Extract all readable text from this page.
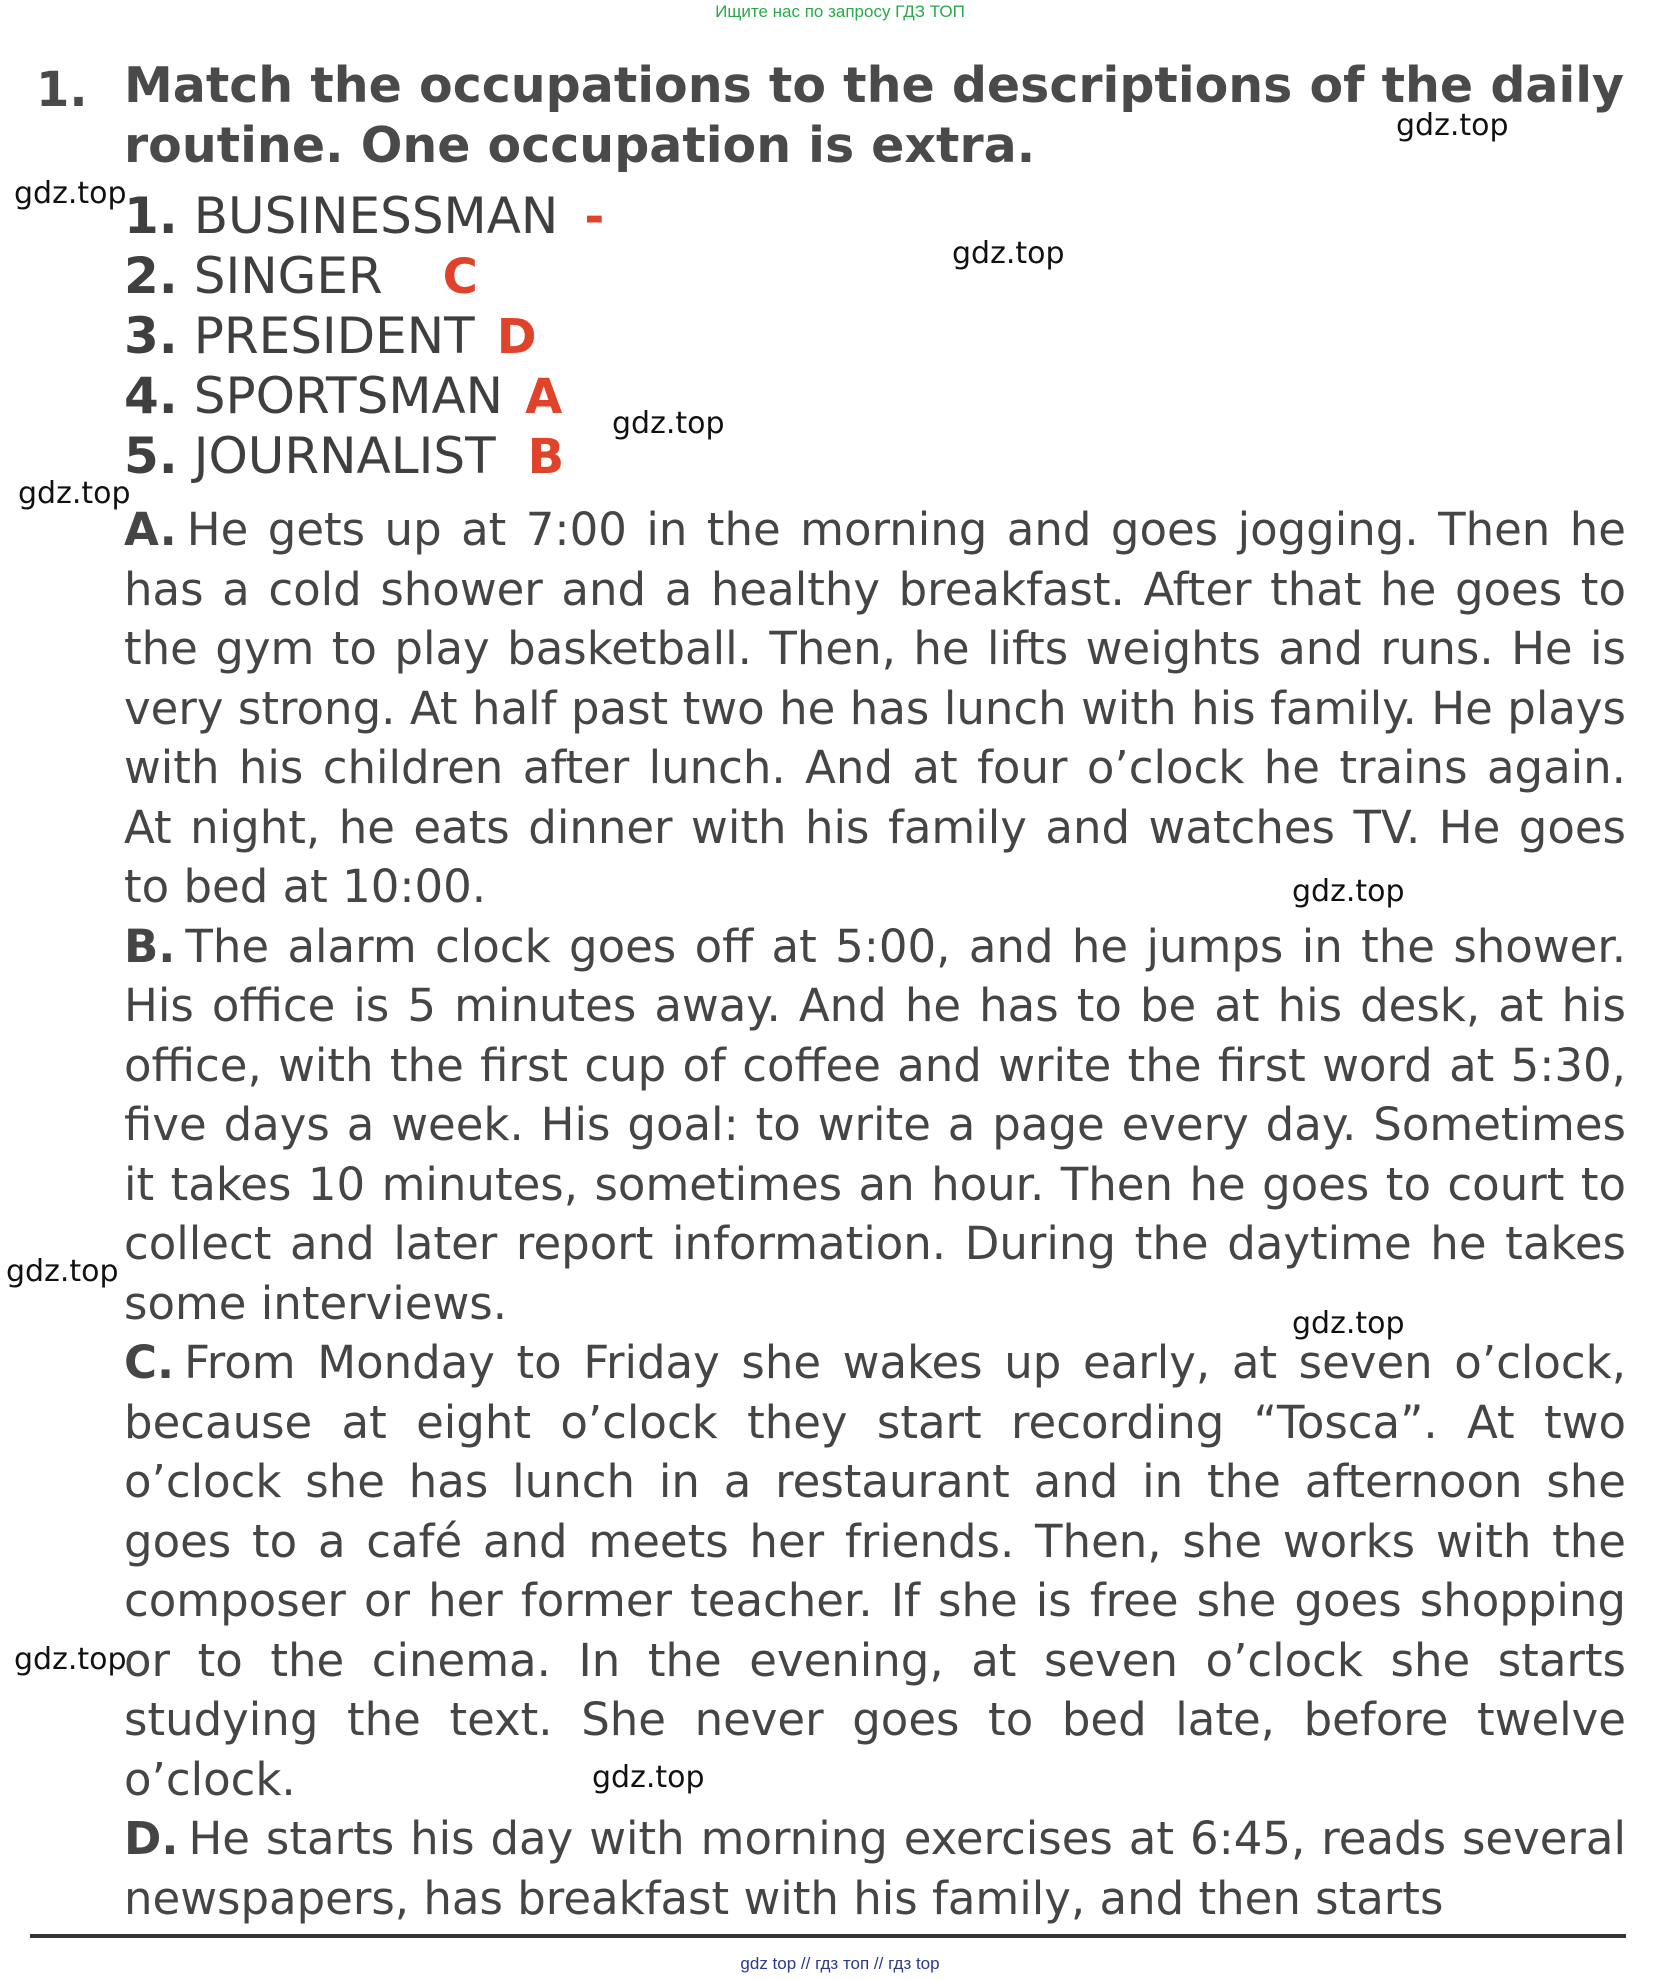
Ищите нас по запросу ГДЗ ТОП
1. Match the occupations to the descriptions of the daily routine. One occupation is extra.
1. BUSINESSMAN -
2. SINGER C
3. PRESIDENT D
4. SPORTSMAN A
5. JOURNALIST B

A. He gets up at 7:00 in the morning and goes jogging. Then he has a cold shower and a healthy breakfast. After that he goes to the gym to play basketball. Then, he lifts weights and runs. He is very strong. At half past two he has lunch with his family. He plays with his children after lunch. And at four o’clock he trains again. At night, he eats dinner with his family and watches TV. He goes to bed at 10:00.

B. The alarm clock goes off at 5:00, and he jumps in the shower. His office is 5 minutes away. And he has to be at his desk, at his office, with the first cup of coffee and write the first word at 5:30, five days a week. His goal: to write a page every day. Sometimes it takes 10 minutes, sometimes an hour. Then he goes to court to collect and later report information. During the daytime he takes some interviews.

C. From Monday to Friday she wakes up early, at seven o’clock, because at eight o’clock they start recording “Tosca”. At two o’clock she has lunch in a restaurant and in the afternoon she goes to a café and meets her friends. Then, she works with the composer or her former teacher. If she is free she goes shopping or to the cinema. In the evening, at seven o’clock she starts studying the text. She never goes to bed late, before twelve o’clock.

D. He starts his day with morning exercises at 6:45, reads several newspapers, has breakfast with his family, and then starts

gdz.top
gdz.top
gdz.top
gdz.top
gdz.top
gdz.top
gdz.top
gdz.top
gdz.top
gdz.top
gdz top // гдз топ // гдз top
